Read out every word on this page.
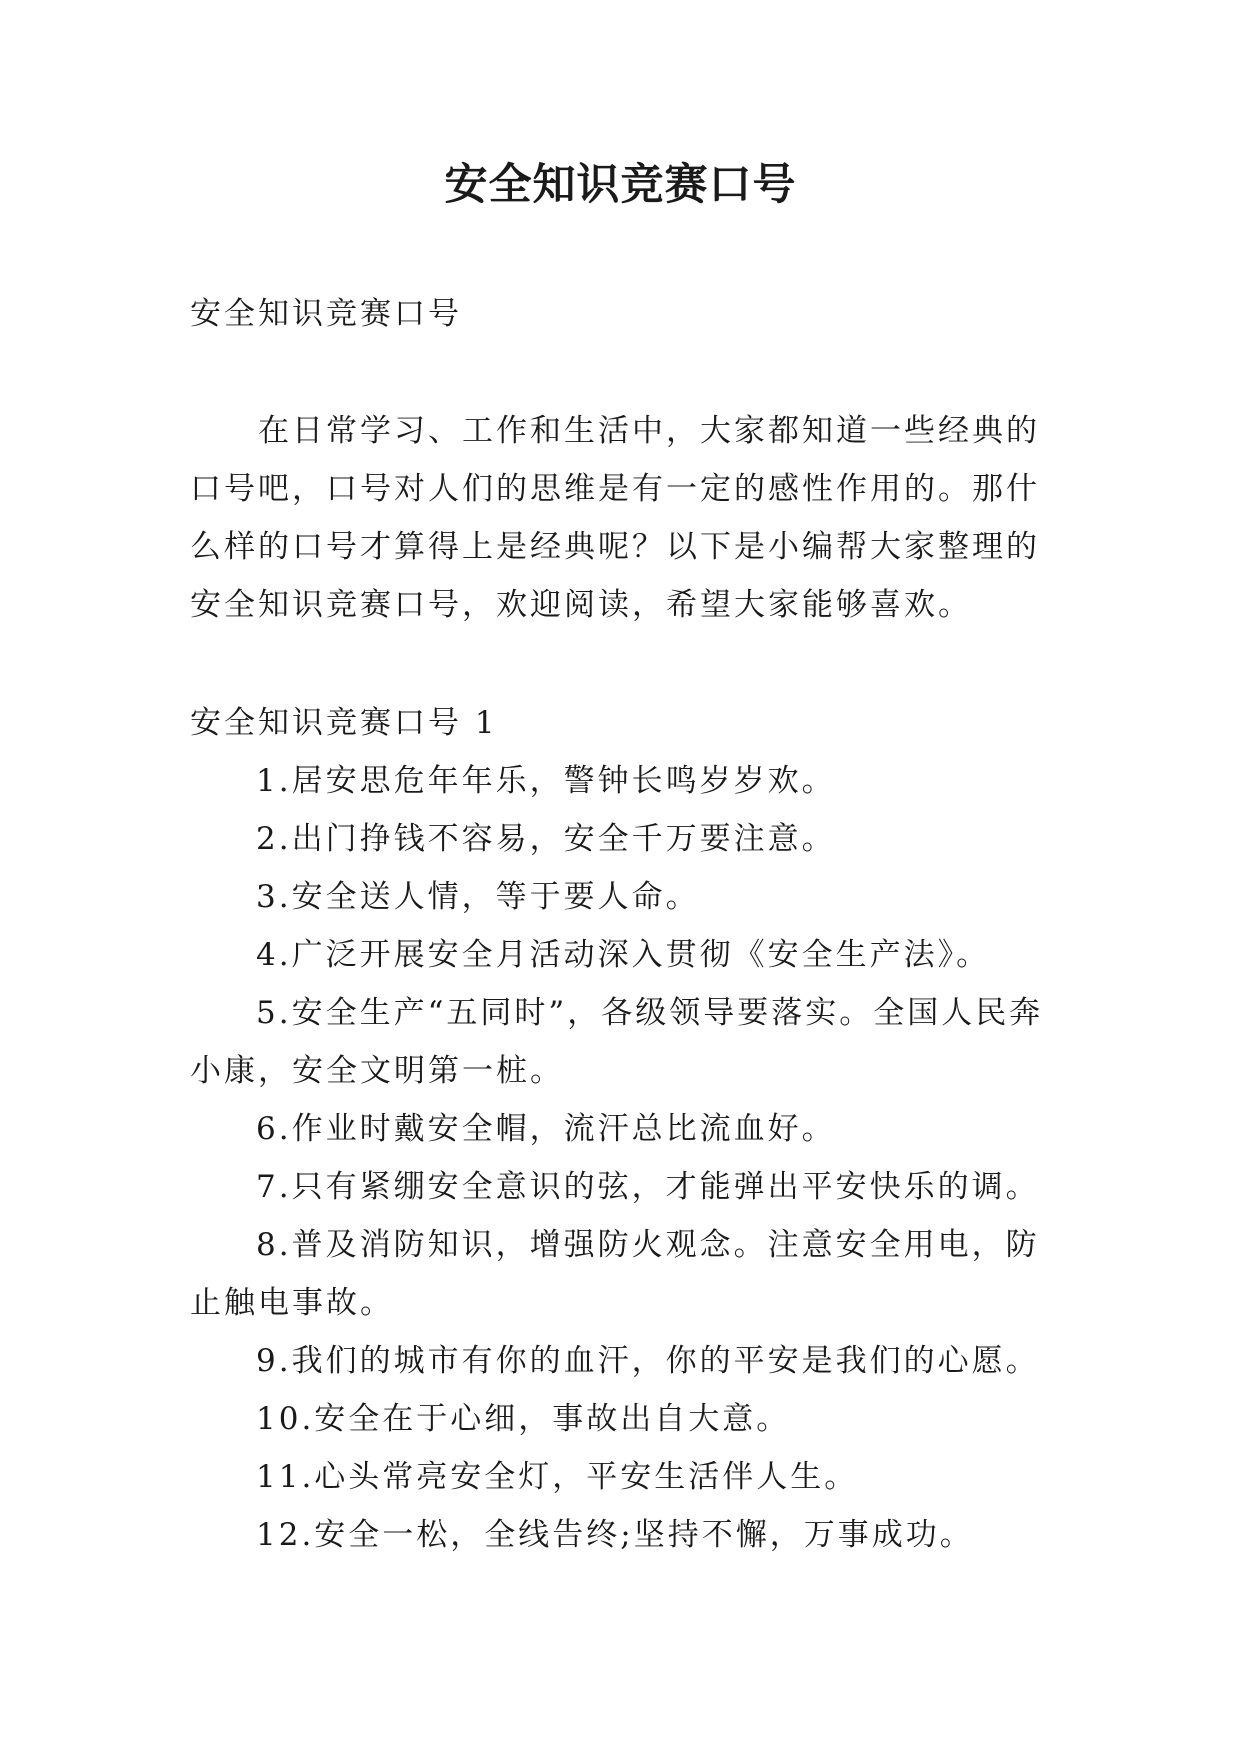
安全知识竞赛口号

安全知识竞赛口号

在日常学习、工作和生活中，大家都知道一些经典的口号吧，口号对人们的思维是有一定的感性作用的。那什么样的口号才算得上是经典呢？以下是小编帮大家整理的安全知识竞赛口号，欢迎阅读，希望大家能够喜欢。

安全知识竞赛口号 1

1.居安思危年年乐，警钟长鸣岁岁欢。
2.出门挣钱不容易，安全千万要注意。
3.安全送人情，等于要人命。
4.广泛开展安全月活动深入贯彻《安全生产法》。
5.安全生产“五同时”，各级领导要落实。全国人民奔小康，安全文明第一桩。
6.作业时戴安全帽，流汗总比流血好。
7.只有紧绷安全意识的弦，才能弹出平安快乐的调。
8.普及消防知识，增强防火观念。注意安全用电，防止触电事故。
9.我们的城市有你的血汗，你的平安是我们的心愿。
10.安全在于心细，事故出自大意。
11.心头常亮安全灯，平安生活伴人生。
12.安全一松，全线告终;坚持不懈，万事成功。
